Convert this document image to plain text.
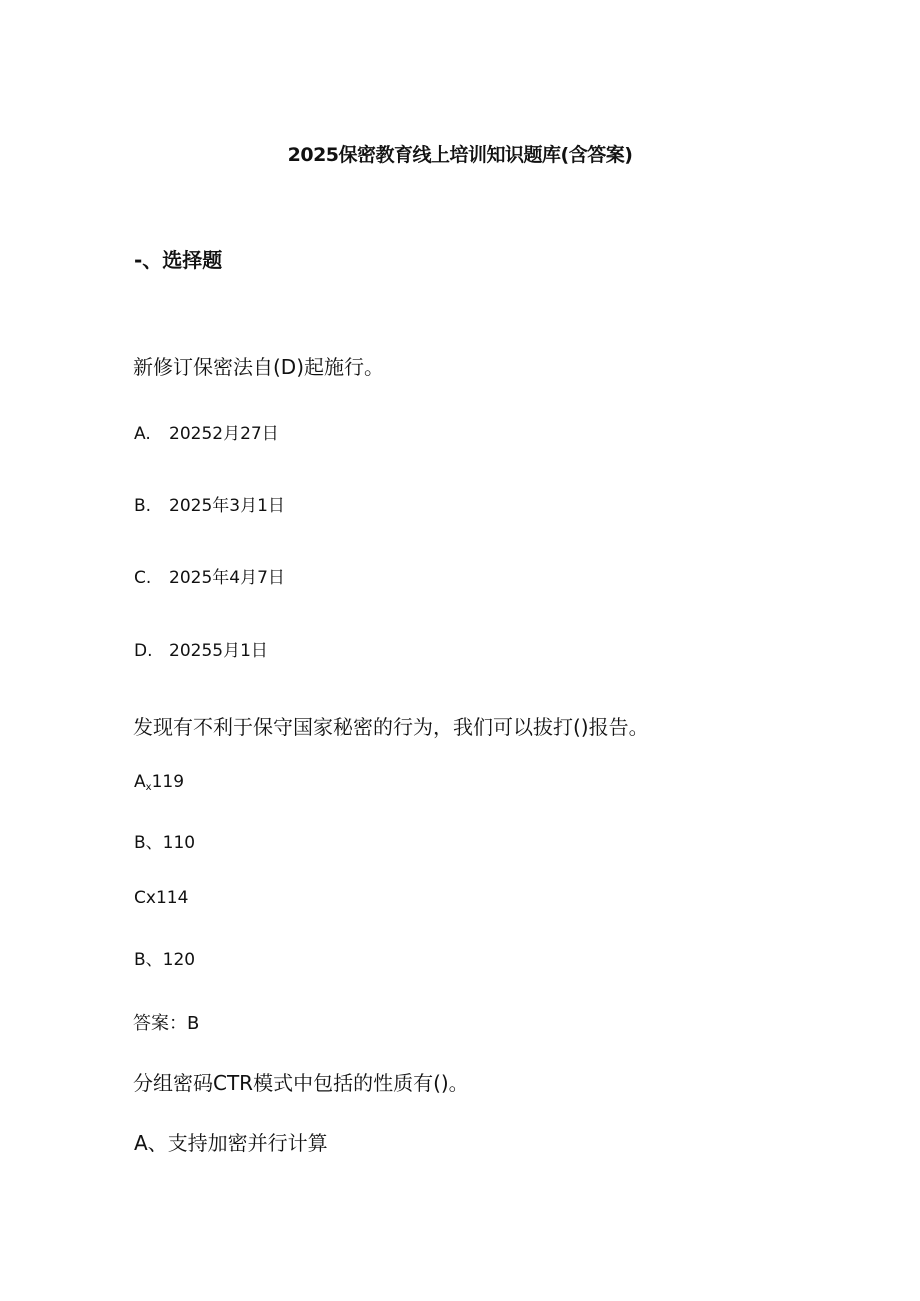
2025保密教育线上培训知识题库(含答案)
-、选择题
新修订保密法自(D)起施行。
A. 20252月27日
B. 2025年3月1日
C. 2025年4月7日
D. 20255月1日
发现有不利于保守国家秘密的行为，我们可以拔打()报告。
$A_x119$
B、110
Cx114
B、120
答案：B
分组密码CTR模式中包括的性质有()。
A、支持加密并行计算
